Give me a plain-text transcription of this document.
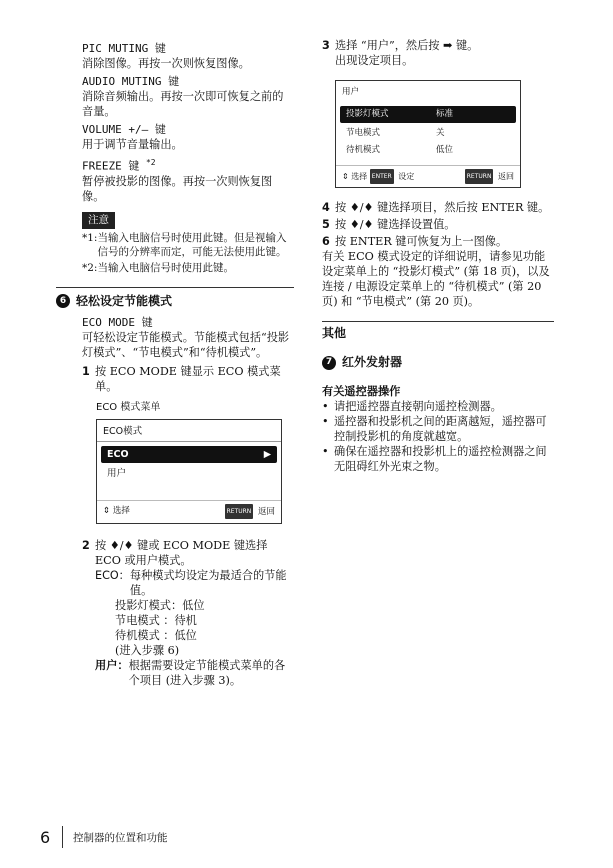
PIC MUTING 键

消除图像。再按一次则恢复图像。

AUDIO MUTING 键

消除音频输出。再按一次即可恢复之前的音量。

VOLUME +/– 键

用于调节音量输出。

FREEZE 键 $^{*2}$

暂停被投影的图像。再按一次则恢复图像。

注意
*1: 当输入电脑信号时使用此键。但是视输入信号的分辨率而定，可能无法使用此键。
*2: 当输入电脑信号时使用此键。
6 轻松设定节能模式
ECO MODE 键

可轻松设定节能模式。节能模式包括“投影灯模式”、“节电模式”和“待机模式”。

1 按 ECO MODE 键显示 ECO 模式菜单。
ECO 模式菜单
ECO模式
ECO	▶
用户
⇕ 选择	RETURN 返回
2 按 ♦/♦ 键或 ECO MODE 键选择 ECO 或用户模式。
ECO： 每种模式均设定为最适合的节能值。
投影灯模式：低位
节电模式 ：待机
待机模式 ：低位
(进入步骤 6)
用户： 根据需要设定节能模式菜单的各个项目 (进入步骤 3)。
3 选择 “用户”，然后按 ➡ 键。
出现设定项目。
用户
投影灯模式	标准
节电模式	关
待机模式	低位
⇕ 选择 ENTER 设定	RETURN 返回
4 按 ♦/♦ 键选择项目，然后按 ENTER 键。
5 按 ♦/♦ 键选择设置值。
6 按 ENTER 键可恢复为上一图像。

有关 ECO 模式设定的详细说明，请参见功能设定菜单上的 “投影灯模式” (第 18 页)，以及连接 / 电源设定菜单上的 “待机模式” (第 20 页) 和 “节电模式” (第 20 页)。

其他
7 红外发射器
有关遥控器操作
• 请把遥控器直接朝向遥控检测器。
• 遥控器和投影机之间的距离越短，遥控器可控制投影机的角度就越宽。
• 确保在遥控器和投影机上的遥控检测器之间无阻碍红外光束之物。
6	控制器的位置和功能
